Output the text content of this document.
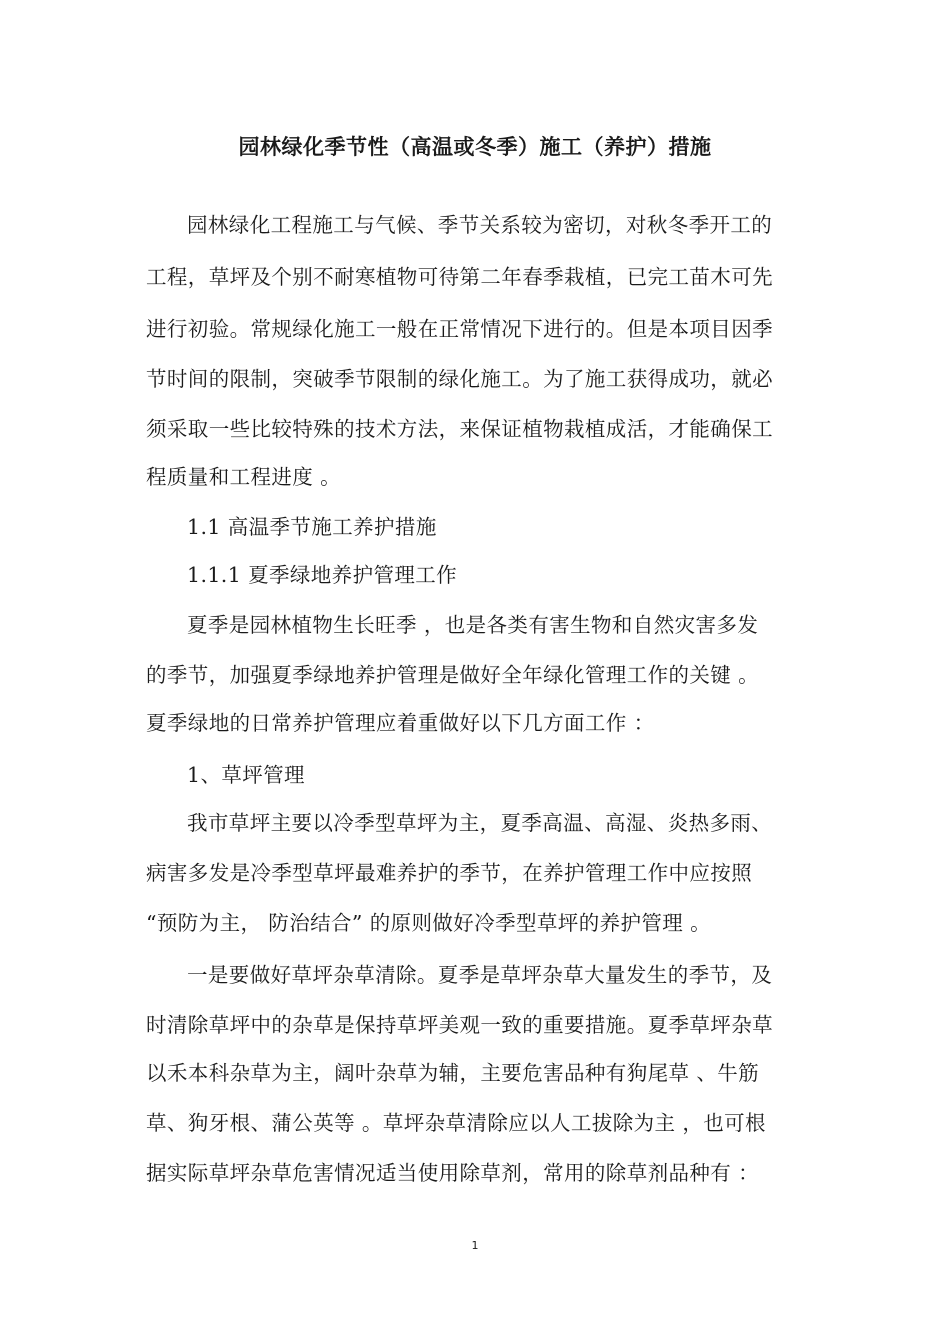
园林绿化季节性（高温或冬季）施工（养护）措施
园林绿化工程施工与气候、季节关系较为密切，对秋冬季开工的
工程，草坪及个别不耐寒植物可待第二年春季栽植，已完工苗木可先
进行初验。常规绿化施工一般在正常情况下进行的。但是本项目因季
节时间的限制，突破季节限制的绿化施工。为了施工获得成功，就必
须采取一些比较特殊的技术方法，来保证植物栽植成活，才能确保工
程质量和工程进度 。
1.1 高温季节施工养护措施
1.1.1 夏季绿地养护管理工作
夏季是园林植物生长旺季 ，也是各类有害生物和自然灾害多发
的季节，加强夏季绿地养护管理是做好全年绿化管理工作的关键 。
夏季绿地的日常养护管理应着重做好以下几方面工作 ：
1、草坪管理
我市草坪主要以冷季型草坪为主，夏季高温、高湿、炎热多雨、
病害多发是冷季型草坪最难养护的季节，在养护管理工作中应按照
“预防为主， 防治结合” 的原则做好冷季型草坪的养护管理 。
一是要做好草坪杂草清除。夏季是草坪杂草大量发生的季节，及
时清除草坪中的杂草是保持草坪美观一致的重要措施。夏季草坪杂草
以禾本科杂草为主，阔叶杂草为辅，主要危害品种有狗尾草 、牛筋
草、狗牙根、蒲公英等 。草坪杂草清除应以人工拔除为主 ，也可根
据实际草坪杂草危害情况适当使用除草剂，常用的除草剂品种有 ：
1
